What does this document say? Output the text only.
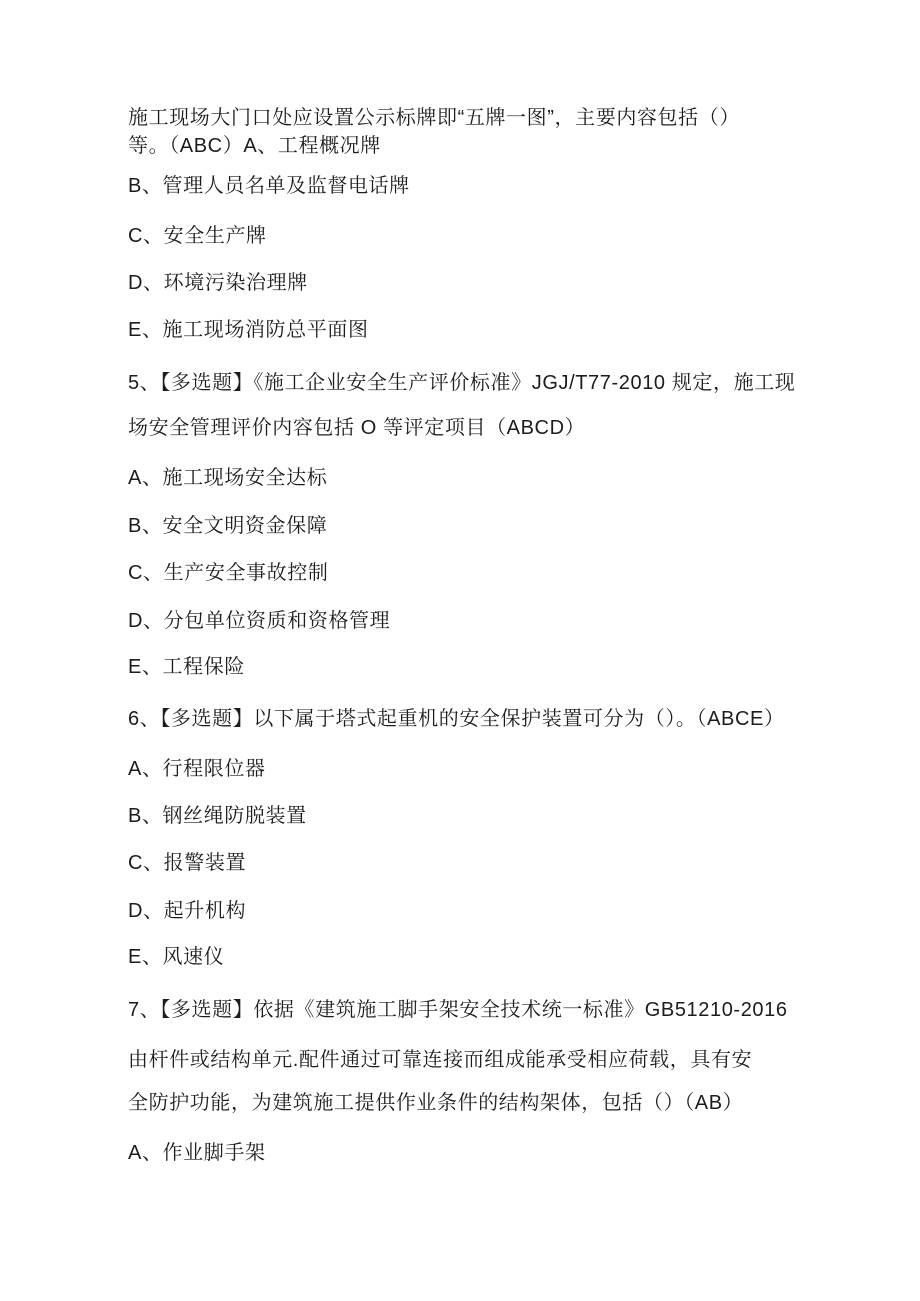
施工现场大门口处应设置公示标牌即“五牌一图”，主要内容包括（）
等。（ABC）A、工程概况牌
B、管理人员名单及监督电话牌
C、安全生产牌
D、环境污染治理牌
E、施工现场消防总平面图
5、【多选题】《施工企业安全生产评价标准》JGJ/T77-2010 规定，施工现
场安全管理评价内容包括 O 等评定项目（ABCD）
A、施工现场安全达标
B、安全文明资金保障
C、生产安全事故控制
D、分包单位资质和资格管理
E、工程保险
6、【多选题】以下属于塔式起重机的安全保护装置可分为（）。（ABCE）
A、行程限位器
B、钢丝绳防脱装置
C、报警装置
D、起升机构
E、风速仪
7、【多选题】依据《建筑施工脚手架安全技术统一标准》GB51210-2016
由杆件或结构单元.配件通过可靠连接而组成能承受相应荷载，具有安
全防护功能，为建筑施工提供作业条件的结构架体，包括（）（AB）
A、作业脚手架
